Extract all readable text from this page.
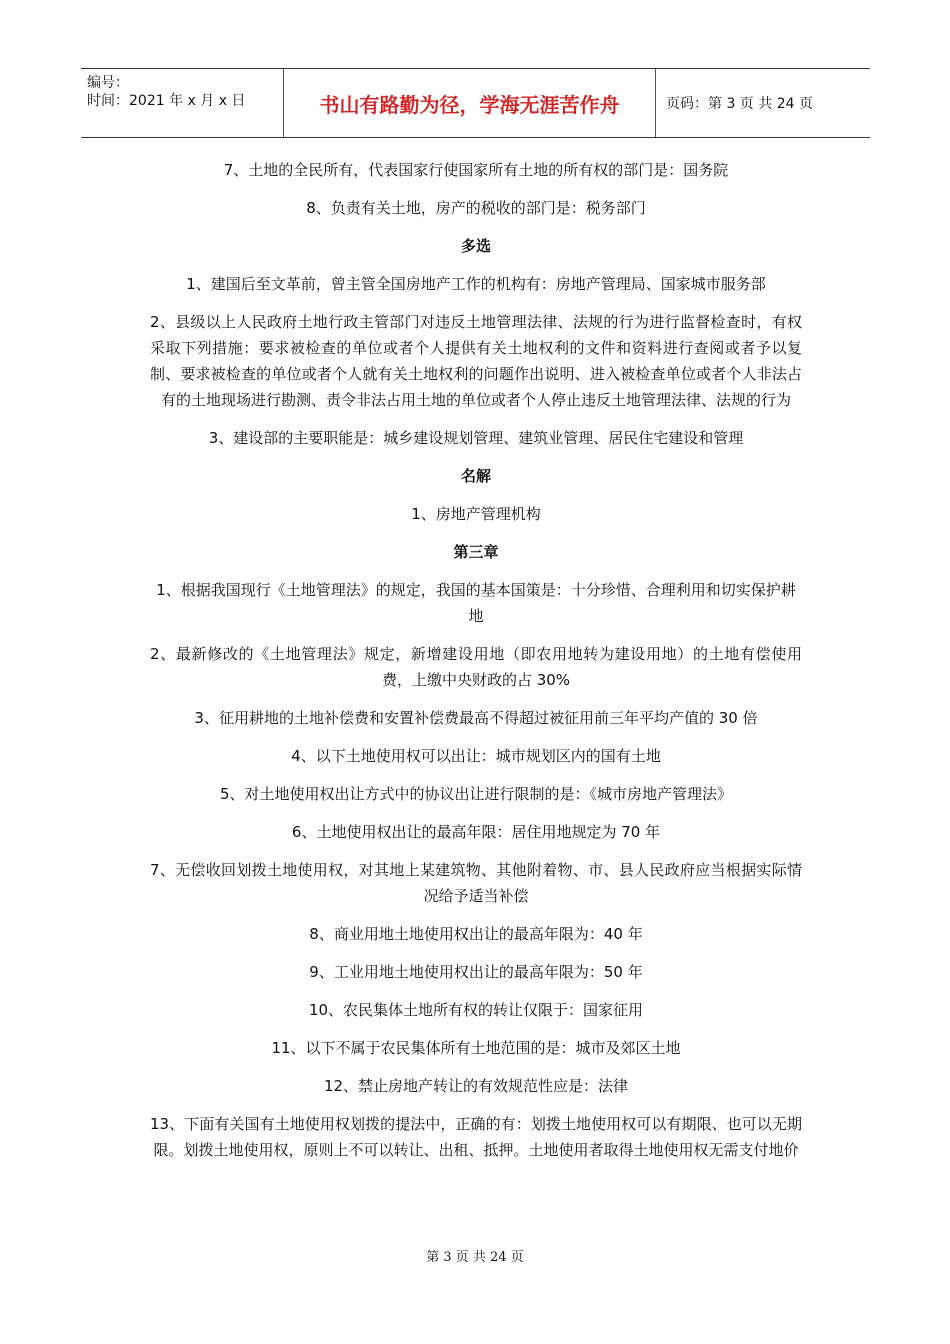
编号：
时间：2021 年 x 月 x 日	书山有路勤为径，学海无涯苦作舟	页码：第 3 页 共 24 页

7、土地的全民所有，代表国家行使国家所有土地的所有权的部门是：国务院

8、负责有关土地，房产的税收的部门是：税务部门

多选

1、建国后至文革前，曾主管全国房地产工作的机构有：房地产管理局、国家城市服务部

2、县级以上人民政府土地行政主管部门对违反土地管理法律、法规的行为进行监督检查时，有权采取下列措施：要求被检查的单位或者个人提供有关土地权利的文件和资料进行查阅或者予以复制、要求被检查的单位或者个人就有关土地权利的问题作出说明、进入被检查单位或者个人非法占有的土地现场进行勘测、责令非法占用土地的单位或者个人停止违反土地管理法律、法规的行为

3、建设部的主要职能是：城乡建设规划管理、建筑业管理、居民住宅建设和管理

名解

1、房地产管理机构

第三章

1、根据我国现行《土地管理法》的规定，我国的基本国策是：十分珍惜、合理利用和切实保护耕地

2、最新修改的《土地管理法》规定，新增建设用地（即农用地转为建设用地）的土地有偿使用费，上缴中央财政的占 30%

3、征用耕地的土地补偿费和安置补偿费最高不得超过被征用前三年平均产值的 30 倍

4、以下土地使用权可以出让：城市规划区内的国有土地

5、对土地使用权出让方式中的协议出让进行限制的是：《城市房地产管理法》

6、土地使用权出让的最高年限：居住用地规定为 70 年

7、无偿收回划拨土地使用权，对其地上某建筑物、其他附着物、市、县人民政府应当根据实际情况给予适当补偿

8、商业用地土地使用权出让的最高年限为：40 年

9、工业用地土地使用权出让的最高年限为：50 年

10、农民集体土地所有权的转让仅限于：国家征用

11、以下不属于农民集体所有土地范围的是：城市及郊区土地

12、禁止房地产转让的有效规范性应是：法律

13、下面有关国有土地使用权划拨的提法中，正确的有：划拨土地使用权可以有期限、也可以无期限。划拨土地使用权，原则上不可以转让、出租、抵押。土地使用者取得土地使用权无需支付地价

第 3 页 共 24 页
